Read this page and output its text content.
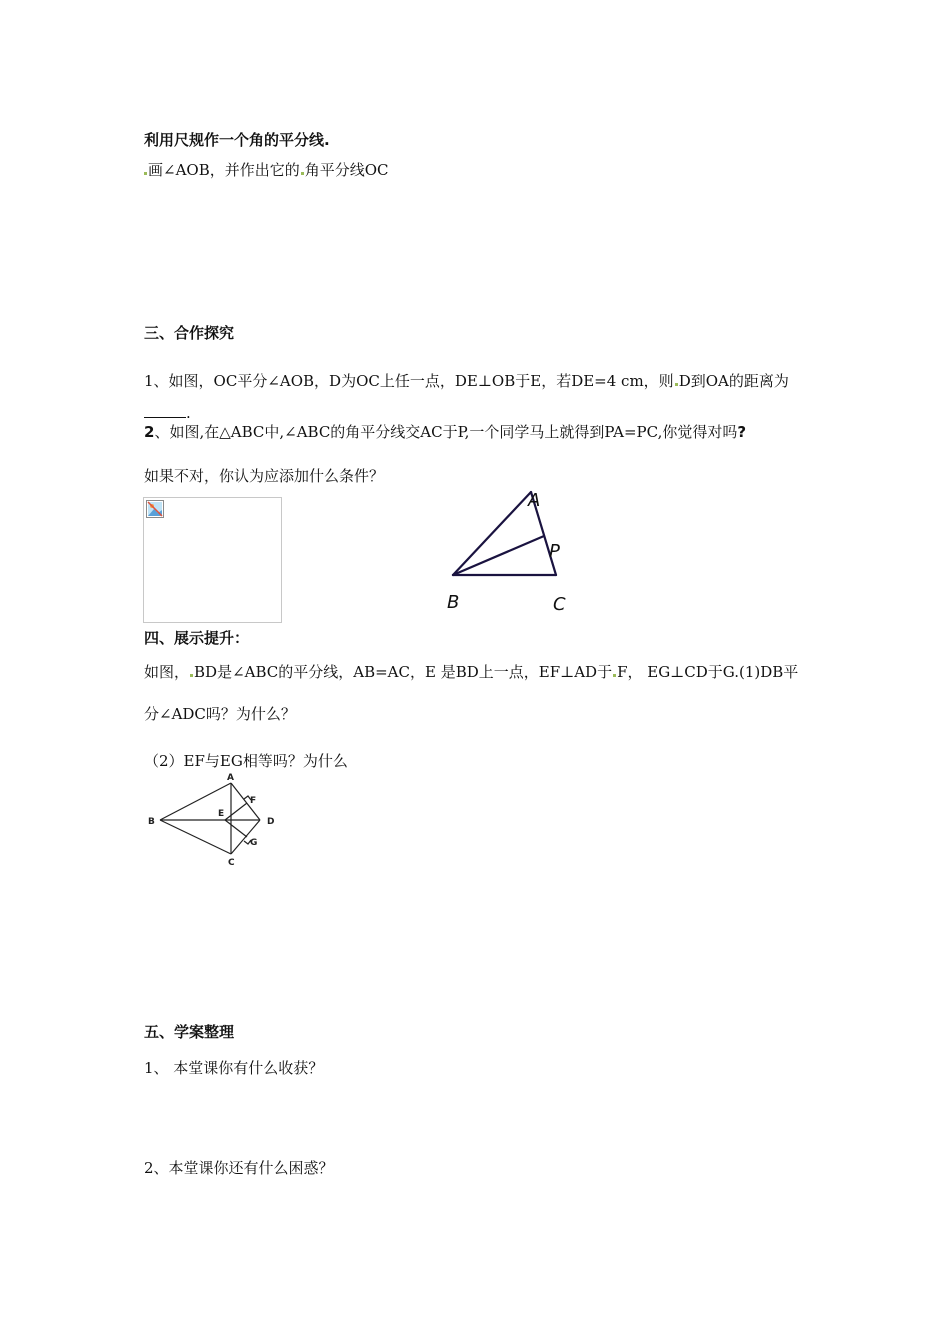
利用尺规作一个角的平分线.
画∠AOB，并作出它的 角平分线OC
三、合作探究
1、如图，OC平分∠AOB，D为OC上任一点，DE⊥OB于E，若DE=4 cm，则 D到OA的距离为
.
2、如图,在△ABC中,∠ABC的角平分线交AC于P,一个同学马上就得到PA=PC,你觉得对吗?
如果不对，你认为应添加什么条件？
A
P
B	C
四、展示提升：
如图， BD是∠ABC的平分线，AB=AC，E 是BD上一点，EF⊥AD于 F， EG⊥CD于G.(1)DB平
分∠ADC吗？为什么？
（2）EF与EG相等吗？为什么
A
B
C
D
E
F
G
五、学案整理
1、 本堂课你有什么收获？
2、本堂课你还有什么困惑？
